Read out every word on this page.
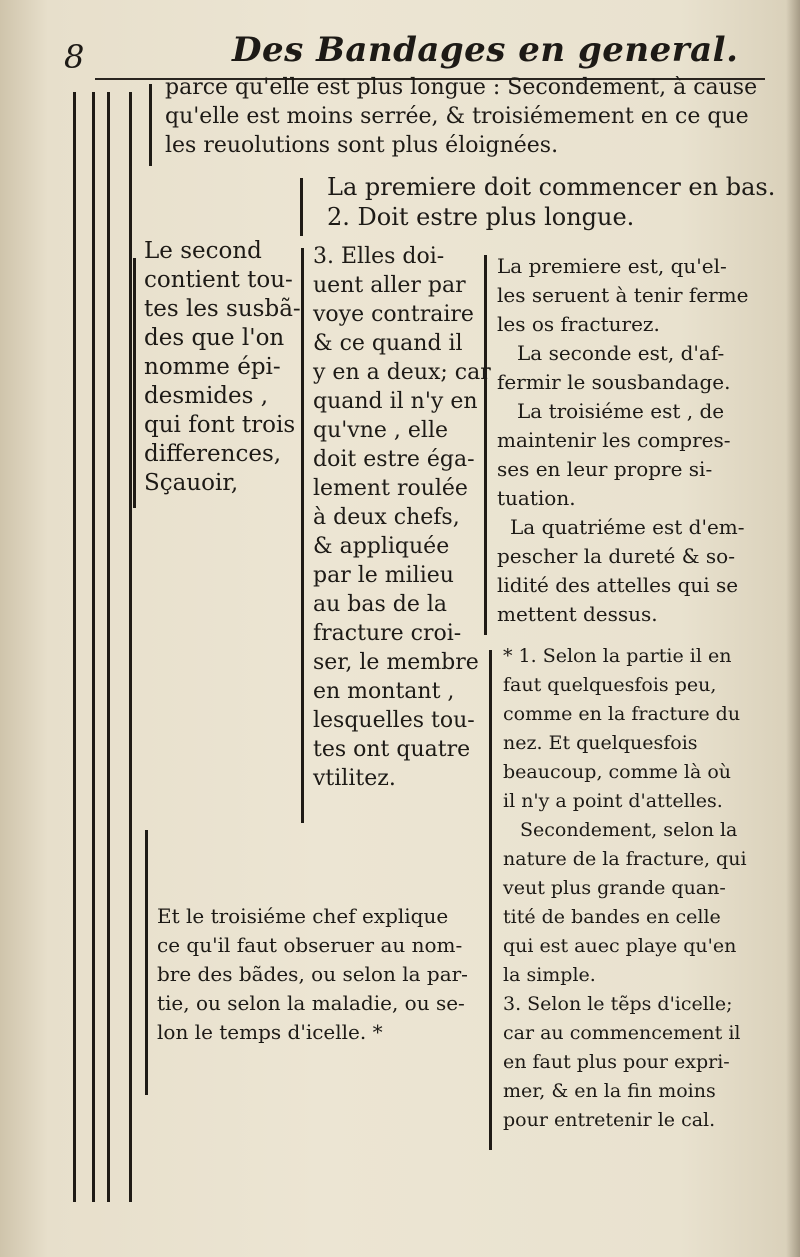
8	Des Bandages en general.
parce qu'elle est plus longue : Secondement, à cause
qu'elle est moins serrée, & troisiémement en ce que
les reuolutions sont plus éloignées.
La premiere doit commencer en bas.
2. Doit estre plus longue.
Le second
contient tou-
tes les susbã-
des que l'on
nomme épi-
desmides ,
qui font trois
differences,
Sçauoir,
3. Elles doi-
uent aller par
voye contraire
& ce quand il
y en a deux; car
quand il n'y en
qu'vne , elle
doit estre éga-
lement roulée
à deux chefs,
& appliquée
par le milieu
au bas de la
fracture croi-
ser, le membre
en montant ,
lesquelles tou-
tes ont quatre
vtilitez.
La premiere est, qu'el-
les seruent à tenir ferme
les os fracturez.
La seconde est, d'af-
fermir le sousbandage.
La troisiéme est , de
maintenir les compres-
ses en leur propre si-
tuation.
La quatriéme est d'em-
pescher la dureté & so-
lidité des attelles qui se
mettent dessus.
* 1. Selon la partie il en
faut quelquesfois peu,
comme en la fracture du
nez. Et quelquesfois
beaucoup, comme là où
il n'y a point d'attelles.
Secondement, selon la
nature de la fracture, qui
veut plus grande quan-
tité de bandes en celle
qui est auec playe qu'en
la simple.
3. Selon le tẽps d'icelle;
car au commencement il
en faut plus pour expri-
mer, & en la fin moins
pour entretenir le cal.
Et le troisiéme chef explique
ce qu'il faut obseruer au nom-
bre des bãdes, ou selon la par-
tie, ou selon la maladie, ou se-
lon le temps d'icelle. *
